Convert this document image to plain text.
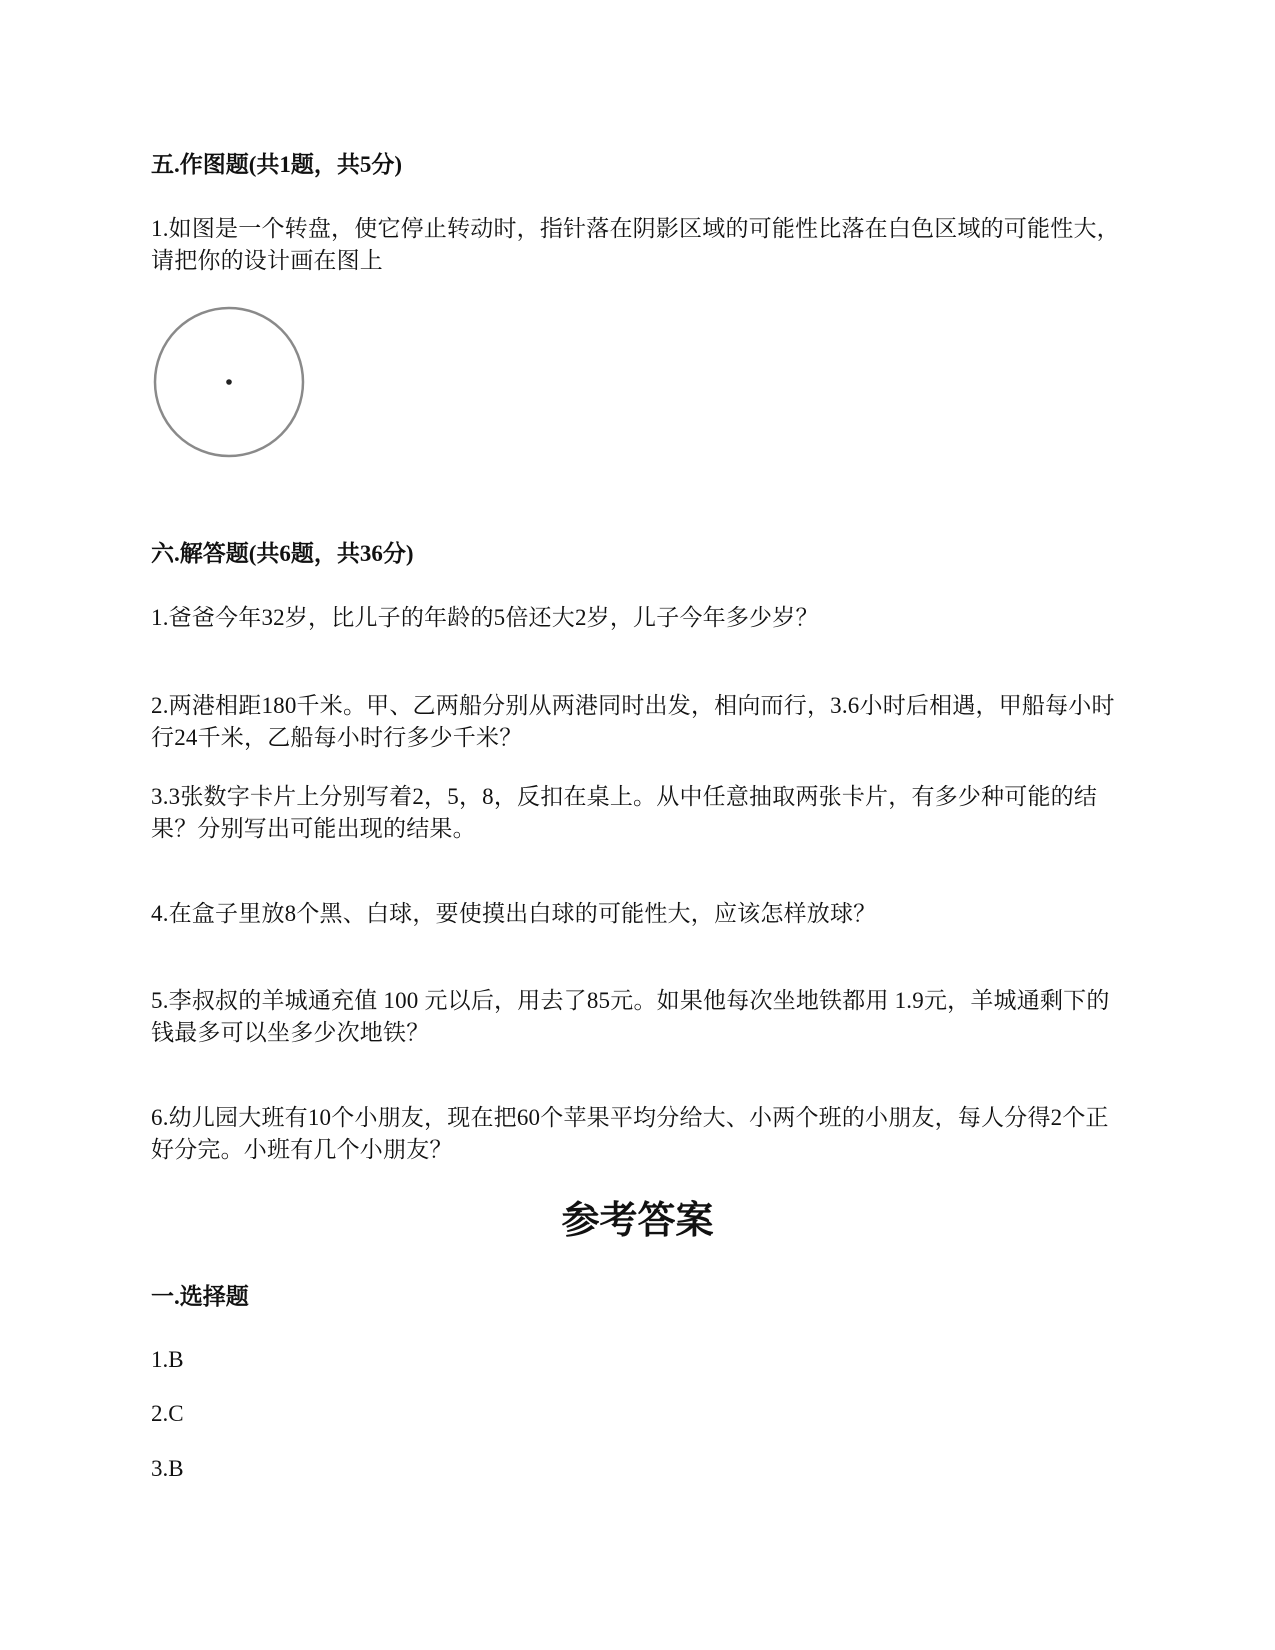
五.作图题(共1题，共5分)
1.如图是一个转盘，使它停止转动时，指针落在阴影区域的可能性比落在白色区域的可能性大，请把你的设计画在图上
六.解答题(共6题，共36分)
1.爸爸今年32岁，比儿子的年龄的5倍还大2岁，儿子今年多少岁？
2.两港相距180千米。甲、乙两船分别从两港同时出发，相向而行，3.6小时后相遇，甲船每小时行24千米，乙船每小时行多少千米？
3.3张数字卡片上分别写着2，5，8，反扣在桌上。从中任意抽取两张卡片，有多少种可能的结果？分别写出可能出现的结果。
4.在盒子里放8个黑、白球，要使摸出白球的可能性大，应该怎样放球？
5.李叔叔的羊城通充值 100 元以后，用去了85元。如果他每次坐地铁都用 1.9元，羊城通剩下的钱最多可以坐多少次地铁？
6.幼儿园大班有10个小朋友，现在把60个苹果平均分给大、小两个班的小朋友，每人分得2个正好分完。小班有几个小朋友？
参考答案
一.选择题
1.B
2.C
3.B
